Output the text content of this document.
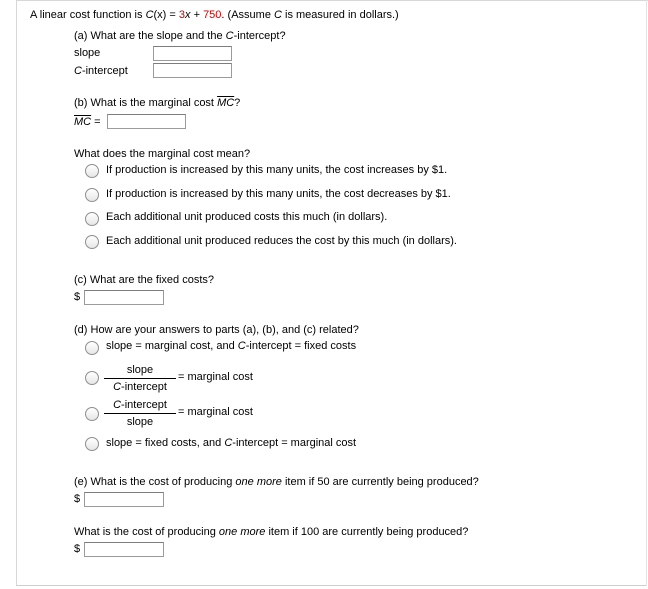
A linear cost function is C(x) = 3x + 750. (Assume C is measured in dollars.)
(a) What are the slope and the C-intercept?
slope
C-intercept
(b) What is the marginal cost $\overline{MC}$?
$\overline{MC}$ =
What does the marginal cost mean?
If production is increased by this many units, the cost increases by $1.
If production is increased by this many units, the cost decreases by $1.
Each additional unit produced costs this much (in dollars).
Each additional unit produced reduces the cost by this much (in dollars).
(c) What are the fixed costs?
$
(d) How are your answers to parts (a), (b), and (c) related?
slope = marginal cost, and C-intercept = fixed costs
slope
C-intercept
= marginal cost
C-intercept
slope
= marginal cost
slope = fixed costs, and C-intercept = marginal cost
(e) What is the cost of producing one more item if 50 are currently being produced?
$
What is the cost of producing one more item if 100 are currently being produced?
$
